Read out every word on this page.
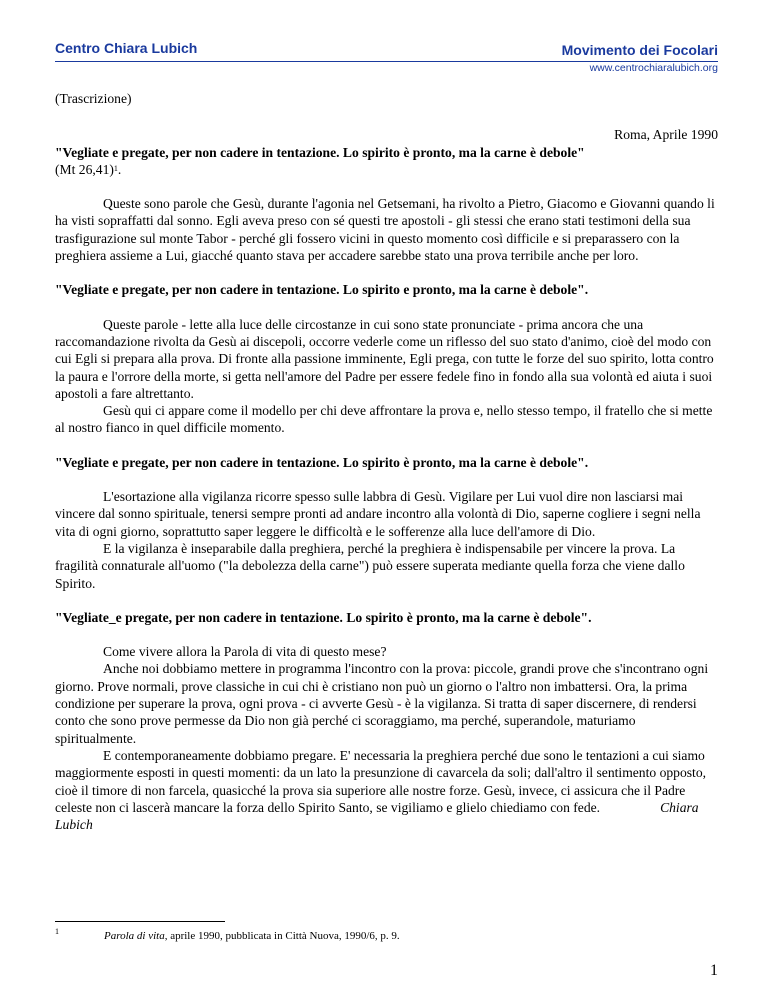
Centro Chiara Lubich	Movimento dei Focolari
www.centrochiaralubich.org

(Trascrizione)

Roma, Aprile 1990

"Vegliate e pregate, per non cadere in tentazione. Lo spirito è pronto, ma la carne è debole"

(Mt 26,41)$^1$.

Queste sono parole che Gesù, durante l'agonia nel Getsemani, ha rivolto a Pietro, Giacomo e Giovanni quando li ha visti sopraffatti dal sonno. Egli aveva preso con sé questi tre apostoli - gli stessi che erano stati testimoni della sua trasfigurazione sul monte Tabor - perché gli fossero vicini in questo momento così difficile e si preparassero con la preghiera assieme a Lui, giacché quanto stava per accadere sarebbe stato una prova terribile anche per loro.

"Vegliate e pregate, per non cadere in tentazione. Lo spirito e pronto, ma la carne è debole".

Queste parole - lette alla luce delle circostanze in cui sono state pronunciate - prima ancora che una raccomandazione rivolta da Gesù ai discepoli, occorre vederle come un riflesso del suo stato d'animo, cioè del modo con cui Egli si prepara alla prova. Di fronte alla passione imminente, Egli prega, con tutte le forze del suo spirito, lotta contro la paura e l'orrore della morte, si getta nell'amore del Padre per essere fedele fino in fondo alla sua volontà ed aiuta i suoi apostoli a fare altrettanto.

Gesù qui ci appare come il modello per chi deve affrontare la prova e, nello stesso tempo, il fratello che si mette al nostro fianco in quel difficile momento.

"Vegliate e pregate, per non cadere in tentazione. Lo spirito è pronto, ma la carne è debole".

L'esortazione alla vigilanza ricorre spesso sulle labbra di Gesù. Vigilare per Lui vuol dire non lasciarsi mai vincere dal sonno spirituale, tenersi sempre pronti ad andare incontro alla volontà di Dio, saperne cogliere i segni nella vita di ogni giorno, soprattutto saper leggere le difficoltà e le sofferenze alla luce dell'amore di Dio.

E la vigilanza è inseparabile dalla preghiera, perché la preghiera è indispensabile per vincere la prova. La fragilità connaturale all'uomo ("la debolezza della carne") può essere superata mediante quella forza che viene dallo Spirito.

"Vegliate_e pregate, per non cadere in tentazione. Lo spirito è pronto, ma la carne è debole".

Come vivere allora la Parola di vita di questo mese?

Anche noi dobbiamo mettere in programma l'incontro con la prova: piccole, grandi prove che s'incontrano ogni giorno. Prove normali, prove classiche in cui chi è cristiano non può un giorno o l'altro non imbattersi. Ora, la prima condizione per superare la prova, ogni prova - ci avverte Gesù - è la vigilanza. Si tratta di saper discernere, di rendersi conto che sono prove permesse da Dio non già perché ci scoraggiamo, ma perché, superandole, maturiamo spiritualmente.

E contemporaneamente dobbiamo pregare. E' necessaria la preghiera perché due sono le tentazioni a cui siamo maggiormente esposti in questi momenti: da un lato la presunzione di cavarcela da soli; dall'altro il sentimento opposto, cioè il timore di non farcela, quasicché la prova sia superiore alle nostre forze. Gesù, invece, ci assicura che il Padre celeste non ci lascerà mancare la forza dello Spirito Santo, se vigiliamo e glielo chiediamo con fede.	Chiara Lubich

1	Parola di vita, aprile 1990, pubblicata in Città Nuova, 1990/6, p. 9.
1
